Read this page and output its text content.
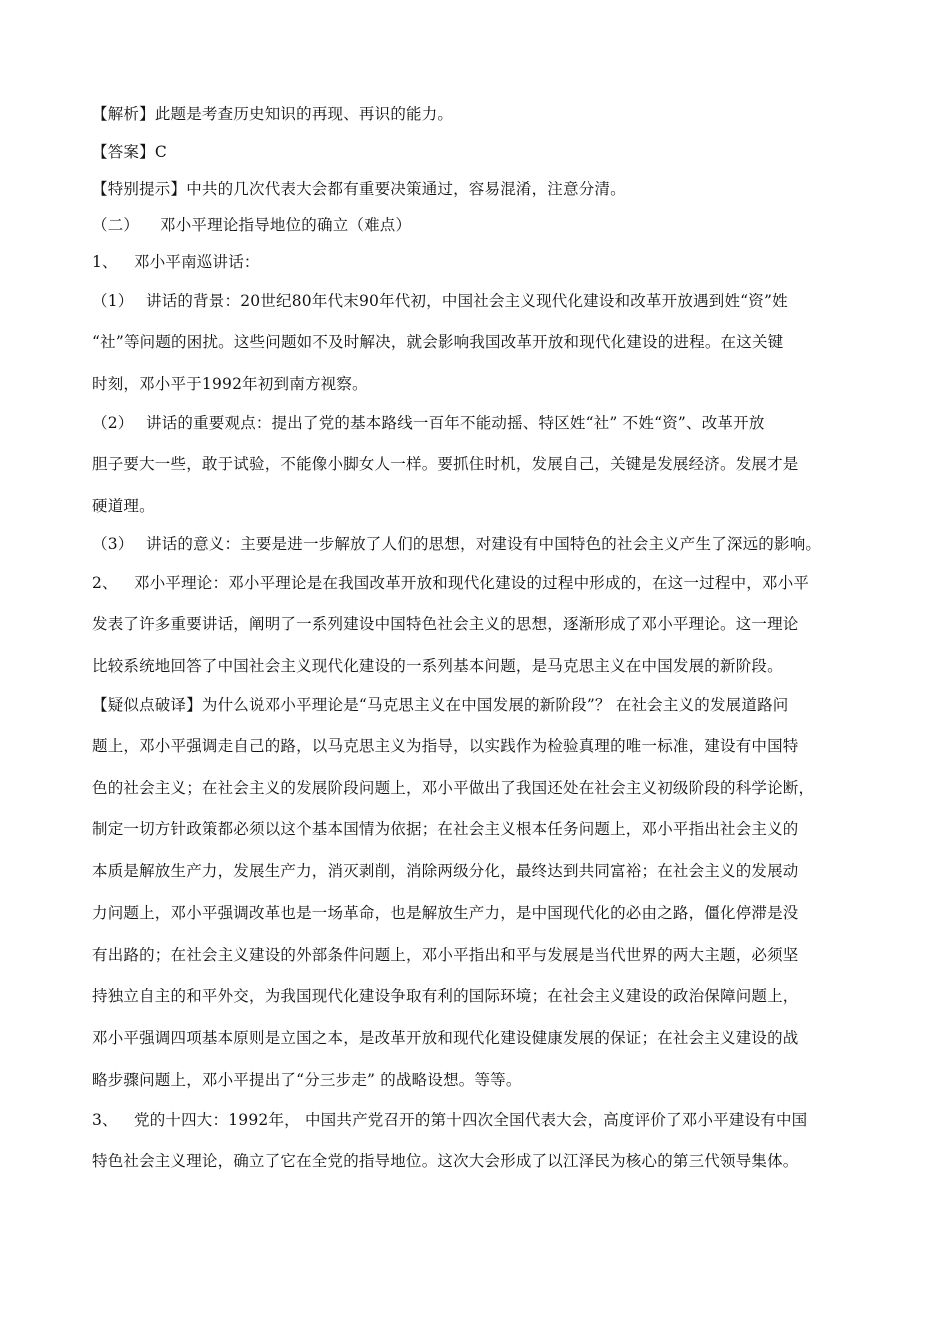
【解析】此题是考查历史知识的再现、再识的能力。
【答案】C
【特别提示】中共的几次代表大会都有重要决策通过，容易混淆，注意分清。
（二） 邓小平理论指导地位的确立（难点）
1、 邓小平南巡讲话：
（1） 讲话的背景：20世纪80年代末90年代初，中国社会主义现代化建设和改革开放遇到姓“资”姓
“社”等问题的困扰。这些问题如不及时解决，就会影响我国改革开放和现代化建设的进程。在这关键
时刻，邓小平于1992年初到南方视察。
（2） 讲话的重要观点：提出了党的基本路线一百年不能动摇、特区姓“社” 不姓“资”、改革开放
胆子要大一些，敢于试验，不能像小脚女人一样。要抓住时机，发展自己，关键是发展经济。发展才是
硬道理。
（3） 讲话的意义：主要是进一步解放了人们的思想，对建设有中国特色的社会主义产生了深远的影响。
2、 邓小平理论：邓小平理论是在我国改革开放和现代化建设的过程中形成的，在这一过程中，邓小平
发表了许多重要讲话，阐明了一系列建设中国特色社会主义的思想，逐渐形成了邓小平理论。这一理论
比较系统地回答了中国社会主义现代化建设的一系列基本问题，是马克思主义在中国发展的新阶段。
【疑似点破译】为什么说邓小平理论是“马克思主义在中国发展的新阶段”？ 在社会主义的发展道路问
题上，邓小平强调走自己的路，以马克思主义为指导，以实践作为检验真理的唯一标准，建设有中国特
色的社会主义；在社会主义的发展阶段问题上，邓小平做出了我国还处在社会主义初级阶段的科学论断，
制定一切方针政策都必须以这个基本国情为依据；在社会主义根本任务问题上，邓小平指出社会主义的
本质是解放生产力，发展生产力，消灭剥削，消除两级分化，最终达到共同富裕；在社会主义的发展动
力问题上，邓小平强调改革也是一场革命，也是解放生产力，是中国现代化的必由之路，僵化停滞是没
有出路的；在社会主义建设的外部条件问题上，邓小平指出和平与发展是当代世界的两大主题，必须坚
持独立自主的和平外交，为我国现代化建设争取有利的国际环境；在社会主义建设的政治保障问题上，
邓小平强调四项基本原则是立国之本，是改革开放和现代化建设健康发展的保证；在社会主义建设的战
略步骤问题上，邓小平提出了“分三步走” 的战略设想。等等。
3、 党的十四大：1992年， 中国共产党召开的第十四次全国代表大会，高度评价了邓小平建设有中国
特色社会主义理论，确立了它在全党的指导地位。这次大会形成了以江泽民为核心的第三代领导集体。
